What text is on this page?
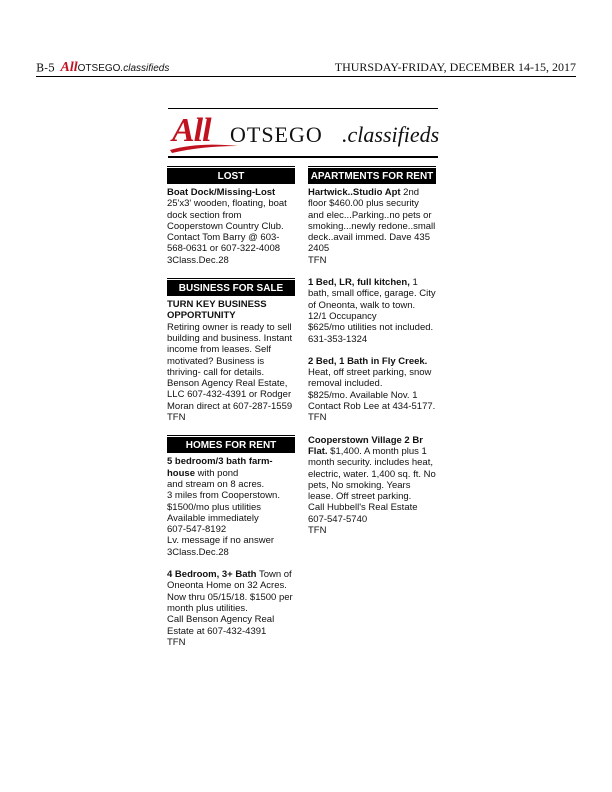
B-5 AllOTSEGO.classifieds	THURSDAY-FRIDAY, DECEMBER 14-15, 2017
All OTSEGO .classifieds
LOST
Boat Dock/Missing-Lost
25'x3' wooden, floating, boat dock section from Cooperstown Country Club. Contact Tom Barry @ 603-568-0631 or 607-322-4008
3Class.Dec.28
BUSINESS FOR SALE
TURN KEY BUSINESS OPPORTUNITY
Retiring owner is ready to sell building and business. Instant income from leases. Self motivated? Business is thriving- call for details. Benson Agency Real Estate, LLC 607-432-4391 or Rodger Moran direct at 607-287-1559
TFN
HOMES FOR RENT
5 bedroom/3 bath farm-house with pond
and stream on 8 acres.
3 miles from Cooperstown.
$1500/mo plus utilities
Available immediately
607-547-8192
Lv. message if no answer
3Class.Dec.28
4 Bedroom, 3+ Bath Town of Oneonta Home on 32 Acres. Now thru 05/15/18. $1500 per month plus utilities.
Call Benson Agency Real Estate at 607-432-4391
TFN
APARTMENTS FOR RENT
Hartwick..Studio Apt 2nd floor $460.00 plus security and elec...Parking..no pets or smoking...newly redone..small deck..avail immed. Dave 435 2405
TFN
1 Bed, LR, full kitchen, 1 bath, small office, garage. City of Oneonta, walk to town.
12/1 Occupancy
$625/mo utilities not included.
631-353-1324
2 Bed, 1 Bath in Fly Creek. Heat, off street parking, snow removal included.
$825/mo. Available Nov. 1
Contact Rob Lee at 434-5177.
TFN
Cooperstown Village 2 Br Flat. $1,400. A month plus 1 month security. includes heat, electric, water. 1,400 sq. ft. No pets, No smoking. Years lease. Off street parking.
Call Hubbell's Real Estate
607-547-5740
TFN
